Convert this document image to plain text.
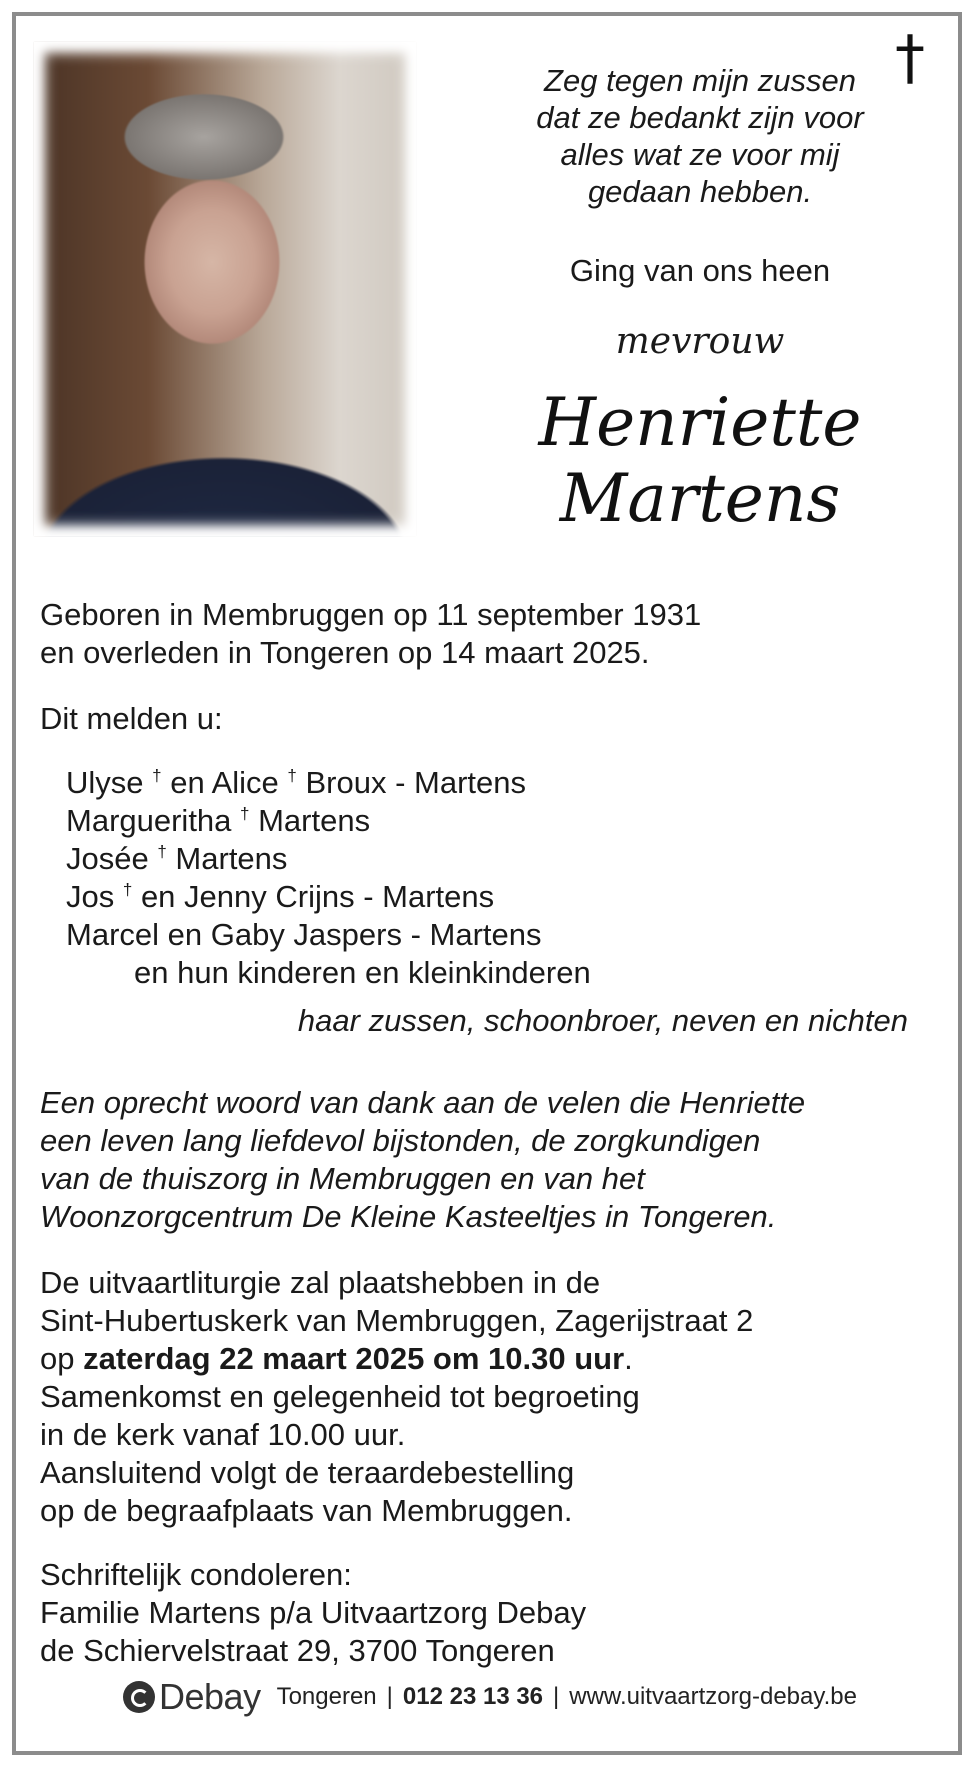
†
Zeg tegen mijn zussen
dat ze bedankt zijn voor
alles wat ze voor mij
gedaan hebben.
Ging van ons heen
mevrouw
Henriette
Martens
Geboren in Membruggen op 11 september 1931
en overleden in Tongeren op 14 maart 2025.
Dit melden u:
Ulyse † en Alice † Broux - Martens
Margueritha † Martens
Josée † Martens
Jos † en Jenny Crijns - Martens
Marcel en Gaby Jaspers - Martens
en hun kinderen en kleinkinderen
haar zussen, schoonbroer, neven en nichten
Een oprecht woord van dank aan de velen die Henriette
een leven lang liefdevol bijstonden, de zorgkundigen
van de thuiszorg in Membruggen en van het
Woonzorgcentrum De Kleine Kasteeltjes in Tongeren.
De uitvaartliturgie zal plaatshebben in de
Sint-Hubertuskerk van Membruggen, Zagerijstraat 2
op zaterdag 22 maart 2025 om 10.30 uur.
Samenkomst en gelegenheid tot begroeting
in de kerk vanaf 10.00 uur.
Aansluitend volgt de teraardebestelling
op de begraafplaats van Membruggen.
Schriftelijk condoleren:
Familie Martens p/a Uitvaartzorg Debay
de Schiervelstraat 29, 3700 Tongeren
Debay Tongeren | 012 23 13 36 | www.uitvaartzorg-debay.be
